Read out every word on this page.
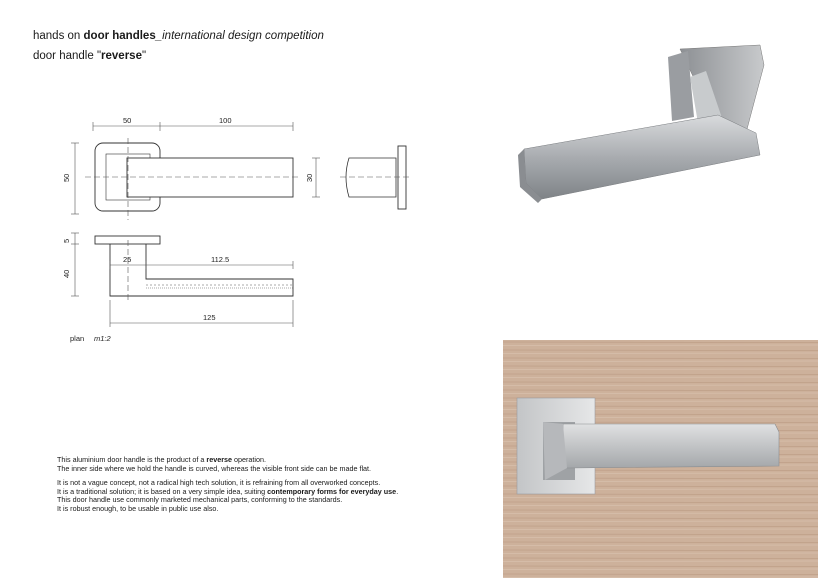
hands on door handles_international design competition
door handle "reverse"
50	100
50	30
5
40
25	112.5
125
plan m1:2

This aluminium door handle is the product of a reverse operation.
The inner side where we hold the handle is curved, whereas the visible front side can be made flat.

It is not a vague concept, not a radical high tech solution, it is refraining from all overworked concepts.
It is a traditional solution; it is based on a very simple idea, suiting contemporary forms for everyday use.
This door handle use commonly marketed mechanical parts, conforming to the standards.
It is robust enough, to be usable in public use also.
